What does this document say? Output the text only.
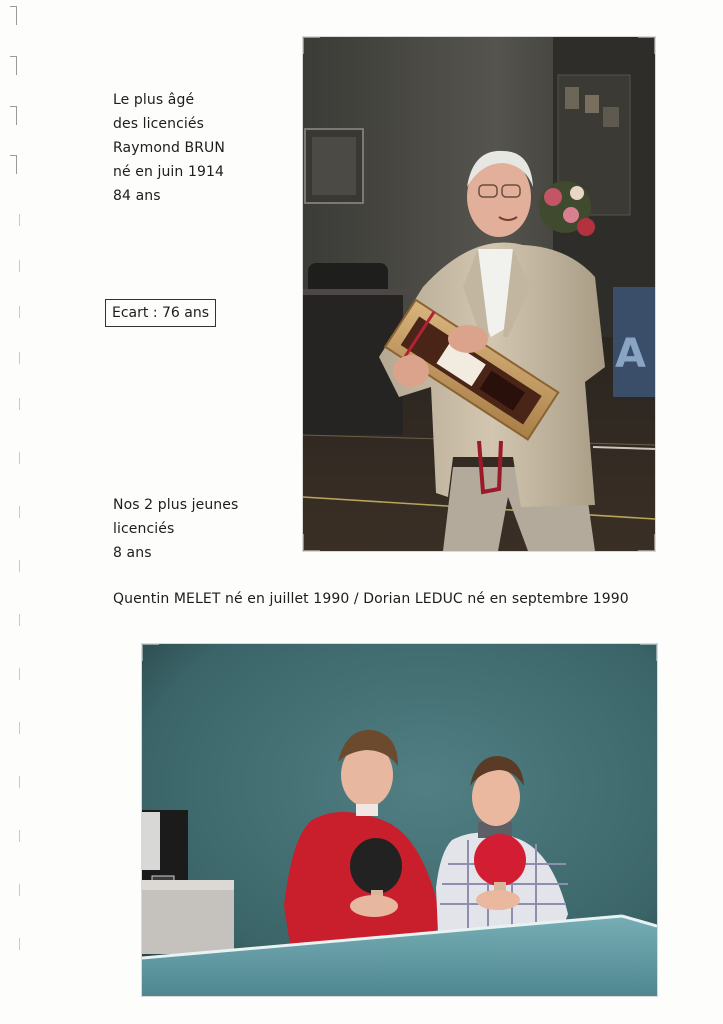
Le plus âgé
des licenciés
Raymond BRUN
né en juin 1914
84 ans
Ecart : 76 ans
Nos 2 plus jeunes
licenciés
8 ans
Quentin MELET né en juillet 1990 / Dorian LEDUC né en septembre 1990
A
